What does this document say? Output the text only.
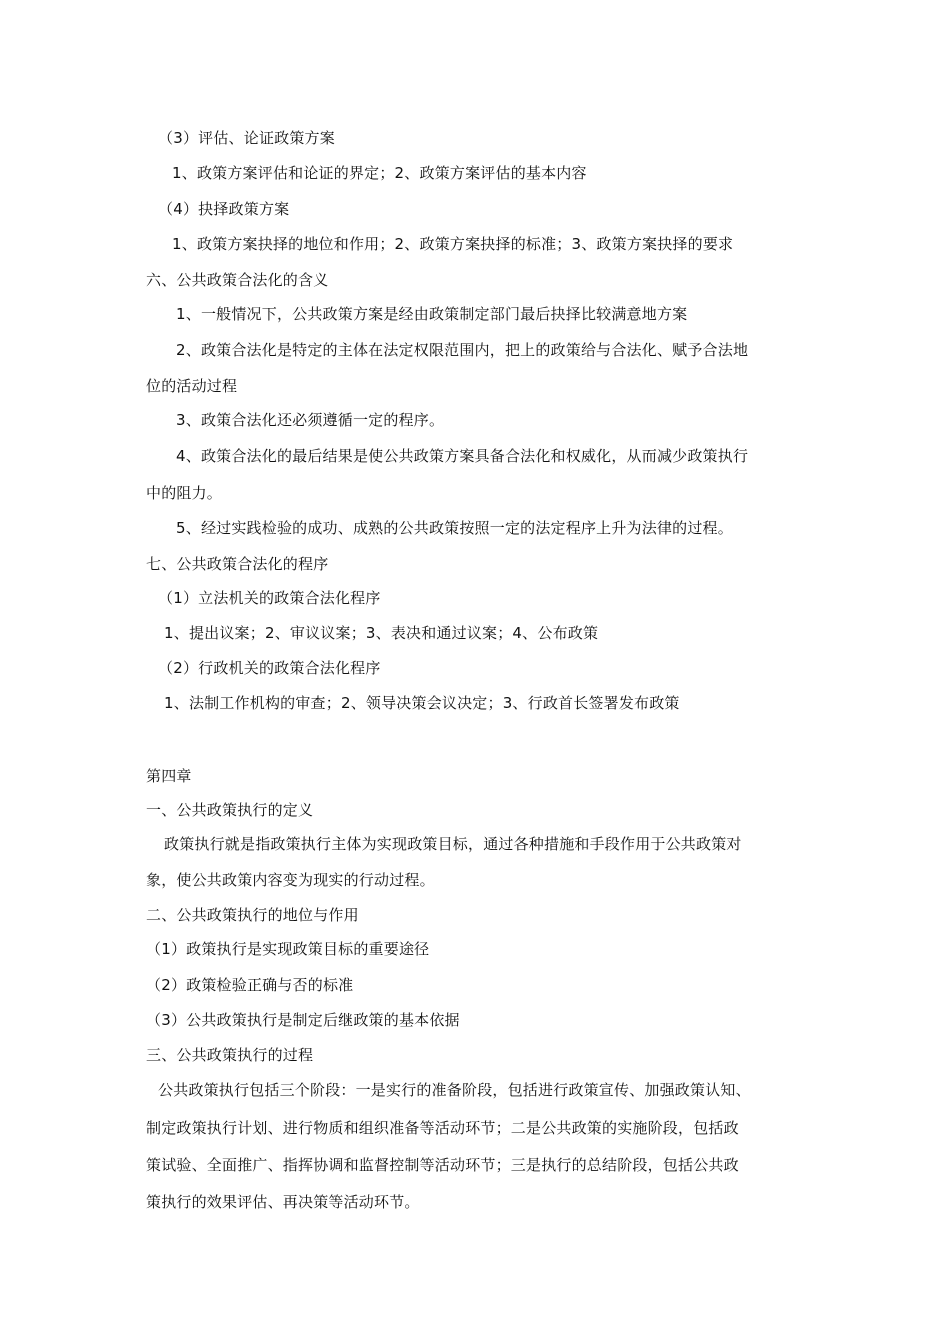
（3）评估、论证政策方案
1、政策方案评估和论证的界定；2、政策方案评估的基本内容
（4）抉择政策方案
1、政策方案抉择的地位和作用；2、政策方案抉择的标准；3、政策方案抉择的要求
六、公共政策合法化的含义
1、一般情况下，公共政策方案是经由政策制定部门最后抉择比较满意地方案
2、政策合法化是特定的主体在法定权限范围内，把上的政策给与合法化、赋予合法地
位的活动过程
3、政策合法化还必须遵循一定的程序。
4、政策合法化的最后结果是使公共政策方案具备合法化和权威化，从而减少政策执行
中的阻力。
5、经过实践检验的成功、成熟的公共政策按照一定的法定程序上升为法律的过程。
七、公共政策合法化的程序
（1）立法机关的政策合法化程序
1、提出议案；2、审议议案；3、表决和通过议案；4、公布政策
（2）行政机关的政策合法化程序
1、法制工作机构的审查；2、领导决策会议决定；3、行政首长签署发布政策
第四章
一、公共政策执行的定义
政策执行就是指政策执行主体为实现政策目标，通过各种措施和手段作用于公共政策对
象，使公共政策内容变为现实的行动过程。
二、公共政策执行的地位与作用
（1）政策执行是实现政策目标的重要途径
（2）政策检验正确与否的标准
（3）公共政策执行是制定后继政策的基本依据
三、公共政策执行的过程
公共政策执行包括三个阶段：一是实行的准备阶段，包括进行政策宣传、加强政策认知、
制定政策执行计划、进行物质和组织准备等活动环节；二是公共政策的实施阶段，包括政
策试验、全面推广、指挥协调和监督控制等活动环节；三是执行的总结阶段，包括公共政
策执行的效果评估、再决策等活动环节。
